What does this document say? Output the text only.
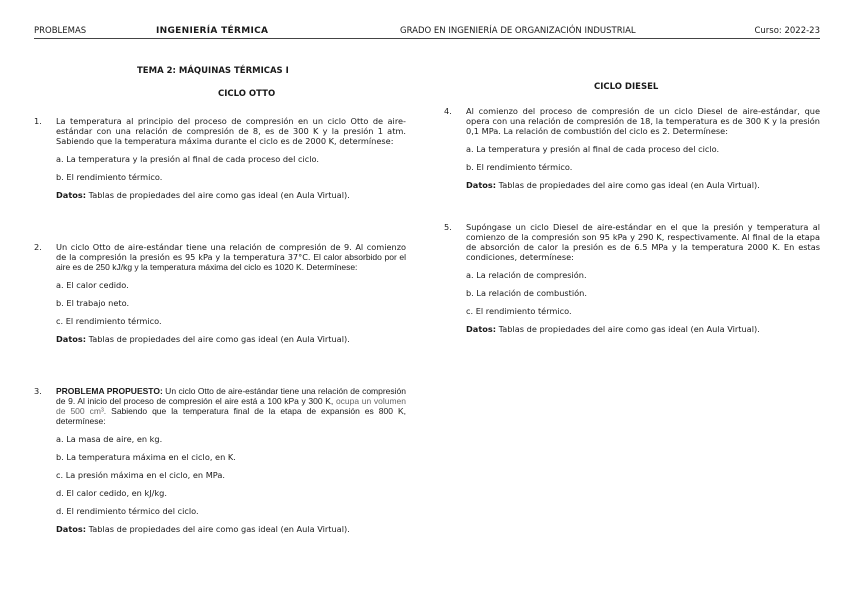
PROBLEMAS	INGENIERÍA TÉRMICA	GRADO EN INGENIERÍA DE ORGANIZACIÓN INDUSTRIAL	Curso: 2022-23
TEMA 2: MÁQUINAS TÉRMICAS I
CICLO OTTO
1. La temperatura al principio del proceso de compresión en un ciclo Otto de aire-estándar con una relación de compresión de 8, es de 300 K y la presión 1 atm. Sabiendo que la temperatura máxima durante el ciclo es de 2000 K, determínese:
a. La temperatura y la presión al final de cada proceso del ciclo.
b. El rendimiento térmico.
Datos: Tablas de propiedades del aire como gas ideal (en Aula Virtual).
2. Un ciclo Otto de aire-estándar tiene una relación de compresión de 9. Al comienzo de la compresión la presión es 95 kPa y la temperatura 37°C. El calor absorbido por el aire es de 250 kJ/kg y la temperatura máxima del ciclo es 1020 K. Determínese:
a. El calor cedido.
b. El trabajo neto.
c. El rendimiento térmico.
Datos: Tablas de propiedades del aire como gas ideal (en Aula Virtual).
3. PROBLEMA PROPUESTO: Un ciclo Otto de aire-estándar tiene una relación de compresión de 9. Al inicio del proceso de compresión el aire está a 100 kPa y 300 K, ocupa un volumen de 500 cm³. Sabiendo que la temperatura final de la etapa de expansión es 800 K, determínese:
a. La masa de aire, en kg.
b. La temperatura máxima en el ciclo, en K.
c. La presión máxima en el ciclo, en MPa.
d. El calor cedido, en kJ/kg.
d. El rendimiento térmico del ciclo.
Datos: Tablas de propiedades del aire como gas ideal (en Aula Virtual).
CICLO DIESEL
4. Al comienzo del proceso de compresión de un ciclo Diesel de aire-estándar, que opera con una relación de compresión de 18, la temperatura es de 300 K y la presión 0,1 MPa. La relación de combustión del ciclo es 2. Determínese:
a. La temperatura y presión al final de cada proceso del ciclo.
b. El rendimiento térmico.
Datos: Tablas de propiedades del aire como gas ideal (en Aula Virtual).
5. Supóngase un ciclo Diesel de aire-estándar en el que la presión y temperatura al comienzo de la compresión son 95 kPa y 290 K, respectivamente. Al final de la etapa de absorción de calor la presión es de 6.5 MPa y la temperatura 2000 K. En estas condiciones, determínese:
a. La relación de compresión.
b. La relación de combustión.
c. El rendimiento térmico.
Datos: Tablas de propiedades del aire como gas ideal (en Aula Virtual).
